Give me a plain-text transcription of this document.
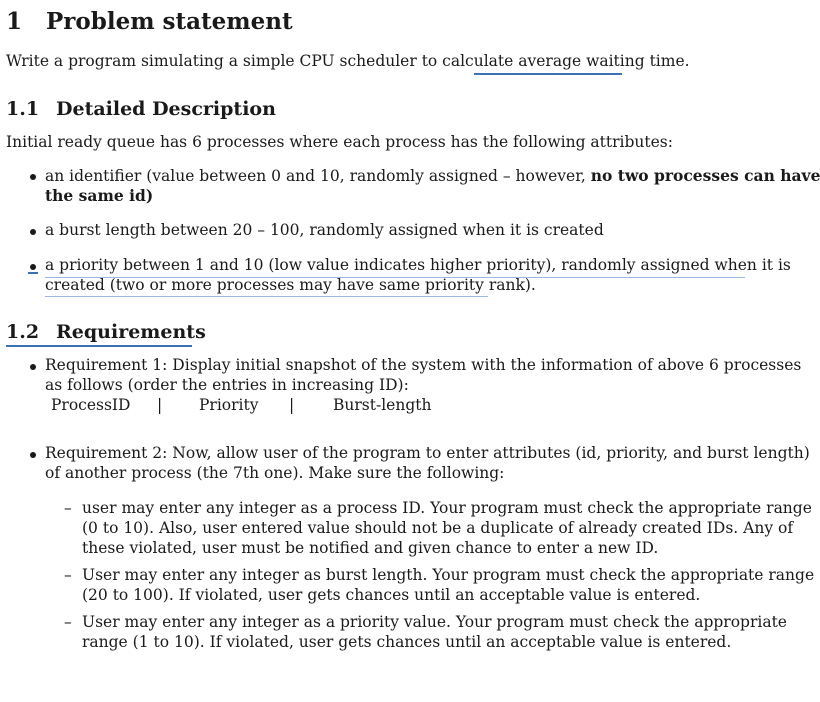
1 Problem statement
Write a program simulating a simple CPU scheduler to calculate average waiting time.
1.1 Detailed Description
Initial ready queue has 6 processes where each process has the following attributes:
an identifier (value between 0 and 10, randomly assigned – however, no two processes can have
the same id)
a burst length between 20 – 100, randomly assigned when it is created
a priority between 1 and 10 (low value indicates higher priority), randomly assigned when it is
created (two or more processes may have same priority rank).
1.2 Requirements
Requirement 1: Display initial snapshot of the system with the information of above 6 processes
as follows (order the entries in increasing ID):
ProcessID | Priority |	Burst-length
Requirement 2: Now, allow user of the program to enter attributes (id, priority, and burst length)
of another process (the 7th one). Make sure the following:
– user may enter any integer as a process ID. Your program must check the appropriate range
(0 to 10). Also, user entered value should not be a duplicate of already created IDs. Any of
these violated, user must be notified and given chance to enter a new ID.
– User may enter any integer as burst length. Your program must check the appropriate range
(20 to 100). If violated, user gets chances until an acceptable value is entered.
– User may enter any integer as a priority value. Your program must check the appropriate
range (1 to 10). If violated, user gets chances until an acceptable value is entered.
